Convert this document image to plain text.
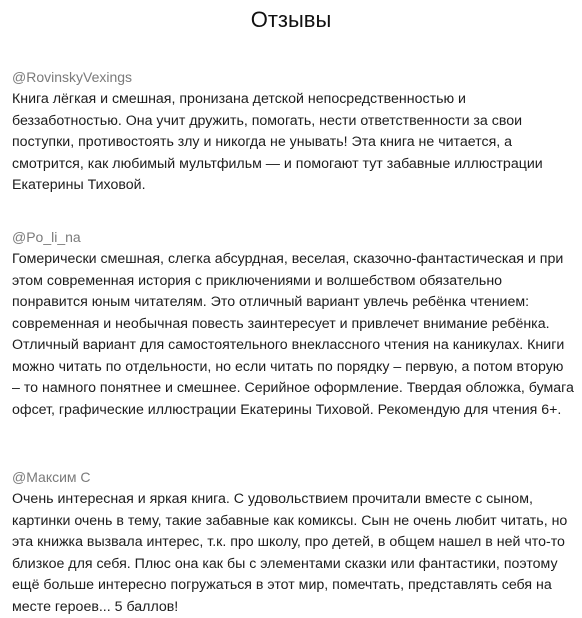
Отзывы
@RovinskyVexings
Книга лёгкая и смешная, пронизана детской непосредственностью и беззаботностью. Она учит дружить, помогать, нести ответственности за свои поступки, противостоять злу и никогда не унывать! Эта книга не читается, а смотрится, как любимый мультфильм — и помогают тут забавные иллюстрации Екатерины Тиховой.
@Po_li_na
Гомерически смешная, слегка абсурдная, веселая, сказочно-фантастическая и при этом современная история с приключениями и волшебством обязательно понравится юным читателям. Это отличный вариант увлечь ребёнка чтением: современная и необычная повесть заинтересует и привлечет внимание ребёнка. Отличный вариант для самостоятельного внеклассного чтения на каникулах. Книги можно читать по отдельности, но если читать по порядку – первую, а потом вторую – то намного понятнее и смешнее. Серийное оформление. Твердая обложка, бумага офсет, графические иллюстрации Екатерины Тиховой. Рекомендую для чтения 6+.
@Максим С
Очень интересная и яркая книга. С удовольствием прочитали вместе с сыном, картинки очень в тему, такие забавные как комиксы. Сын не очень любит читать, но эта книжка вызвала интерес, т.к. про школу, про детей, в общем нашел в ней что-то близкое для себя. Плюс она как бы с элементами сказки или фантастики, поэтому ещё больше интересно погружаться в этот мир, помечтать, представлять себя на месте героев... 5 баллов!
